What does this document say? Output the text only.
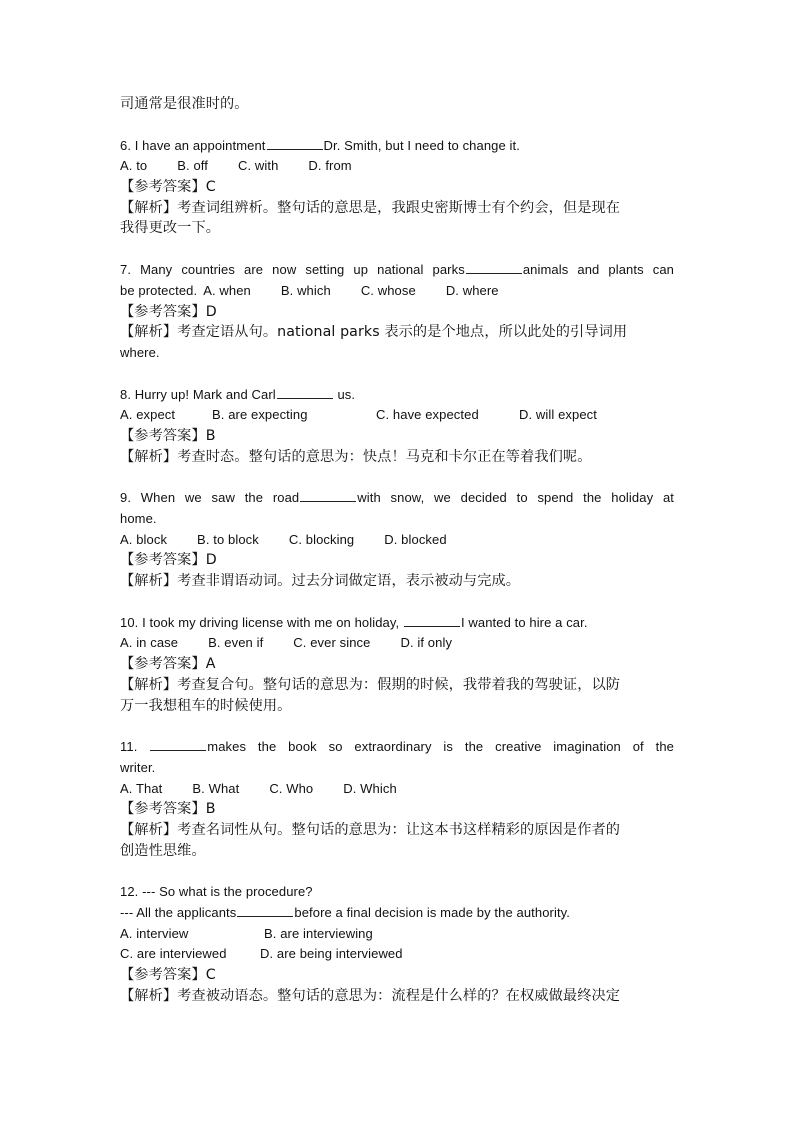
司通常是很准时的。
6. I have an appointment	Dr. Smith, but I need to change it.
A. to B. off C. with D. from
【参考答案】C
【解析】考查词组辨析。整句话的意思是，我跟史密斯博士有个约会，但是现在
我得更改一下。
7. Many countries are now setting up national parks	animals and plants can
be protected. A. when B. which C. whose D. where
【参考答案】D
【解析】考查定语从句。national parks 表示的是个地点，所以此处的引导词用
where.
8. Hurry up! Mark and Carl	us.
A. expect	B. are expecting	C. have expected	D. will expect
【参考答案】B
【解析】考查时态。整句话的意思为：快点！马克和卡尔正在等着我们呢。
9. When we saw the road	with snow, we decided to spend the holiday at
home.
A. block B. to block C. blocking D. blocked
【参考答案】D
【解析】考查非谓语动词。过去分词做定语，表示被动与完成。
10. I took my driving license with me on holiday,	I wanted to hire a car.
A. in case B. even if C. ever since D. if only
【参考答案】A
【解析】考查复合句。整句话的意思为：假期的时候，我带着我的驾驶证，以防
万一我想租车的时候使用。
11.	makes the book so extraordinary is the creative imagination of the
writer.
A. That B. What C. Who D. Which
【参考答案】B
【解析】考查名词性从句。整句话的意思为：让这本书这样精彩的原因是作者的
创造性思维。
12. --- So what is the procedure?
--- All the applicants	before a final decision is made by the authority.
A. interview	B. are interviewing
C. are interviewed	D. are being interviewed
【参考答案】C
【解析】考查被动语态。整句话的意思为：流程是什么样的？在权威做最终决定
